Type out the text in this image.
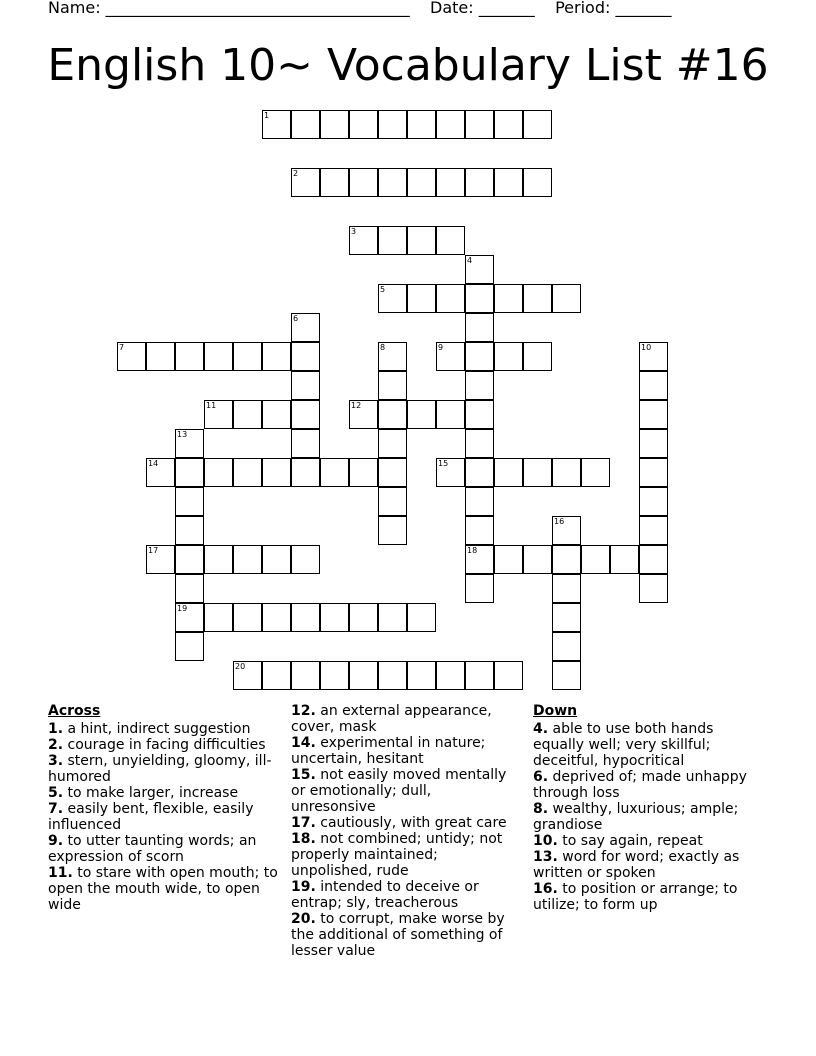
Name: ______________________________________ Date: _______ Period: _______
English 10~ Vocabulary List #16
1
2
3
4
18
5
6
7	8	9	10
11	12
13
19
14	15
16
17
20
Across
1. a hint, indirect suggestion
2. courage in facing difficulties
3. stern, unyielding, gloomy, ill-humored
5. to make larger, increase
7. easily bent, flexible, easily influenced
9. to utter taunting words; an expression of scorn
11. to stare with open mouth; to open the mouth wide, to open wide
12. an external appearance, cover, mask
14. experimental in nature; uncertain, hesitant
15. not easily moved mentally or emotionally; dull, unresonsive
17. cautiously, with great care
18. not combined; untidy; not properly maintained; unpolished, rude
19. intended to deceive or entrap; sly, treacherous
20. to corrupt, make worse by the additional of something of lesser value
Down
4. able to use both hands equally well; very skillful; deceitful, hypocritical
6. deprived of; made unhappy through loss
8. wealthy, luxurious; ample; grandiose
10. to say again, repeat
13. word for word; exactly as written or spoken
16. to position or arrange; to utilize; to form up
